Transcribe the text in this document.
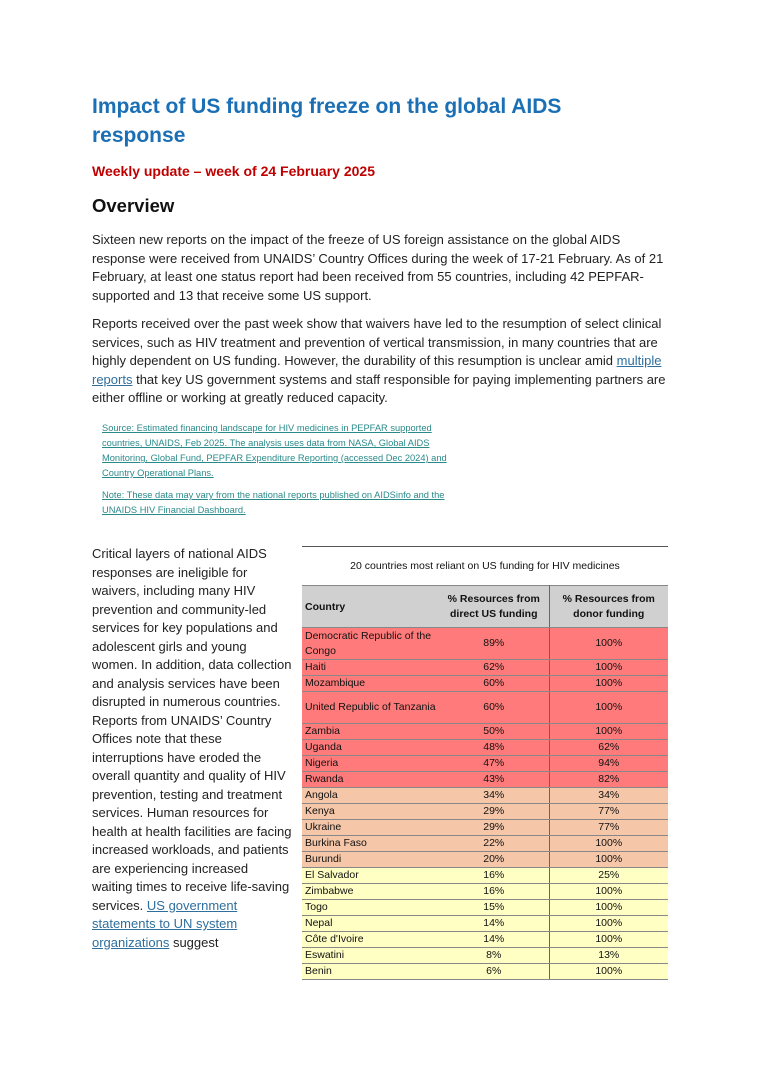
Impact of US funding freeze on the global AIDS response

Weekly update – week of 24 February 2025

Overview

Sixteen new reports on the impact of the freeze of US foreign assistance on the global AIDS response were received from UNAIDS’ Country Offices during the week of 17-21 February. As of 21 February, at least one status report had been received from 55 countries, including 42 PEPFAR-supported and 13 that receive some US support.

Reports received over the past week show that waivers have led to the resumption of select clinical services, such as HIV treatment and prevention of vertical transmission, in many countries that are highly dependent on US funding. However, the durability of this resumption is unclear amid multiple reports that key US government systems and staff responsible for paying implementing partners are either offline or working at greatly reduced capacity.

Source: Estimated financing landscape for HIV medicines in PEPFAR supported countries, UNAIDS, Feb 2025. The analysis uses data from NASA, Global AIDS Monitoring, Global Fund, PEPFAR Expenditure Reporting (accessed Dec 2024) and Country Operational Plans.

Note: These data may vary from the national reports published on AIDSinfo and the UNAIDS HIV Financial Dashboard.

Critical layers of national AIDS responses are ineligible for waivers, including many HIV prevention and community-led services for key populations and adolescent girls and young women. In addition, data collection and analysis services have been disrupted in numerous countries. Reports from UNAIDS’ Country Offices note that these interruptions have eroded the overall quantity and quality of HIV prevention, testing and treatment services. Human resources for health at health facilities are facing increased workloads, and patients are experiencing increased waiting times to receive life-saving services. US government statements to UN system organizations suggest

20 countries most reliant on US funding for HIV medicines
Country	% Resources from direct US funding	% Resources from donor funding
Democratic Republic of the Congo	89%	100%
Haiti	62%	100%
Mozambique	60%	100%
United Republic of Tanzania	60%	100%
Zambia	50%	100%
Uganda	48%	62%
Nigeria	47%	94%
Rwanda	43%	82%
Angola	34%	34%
Kenya	29%	77%
Ukraine	29%	77%
Burkina Faso	22%	100%
Burundi	20%	100%
El Salvador	16%	25%
Zimbabwe	16%	100%
Togo	15%	100%
Nepal	14%	100%
Côte d'Ivoire	14%	100%
Eswatini	8%	13%
Benin	6%	100%
